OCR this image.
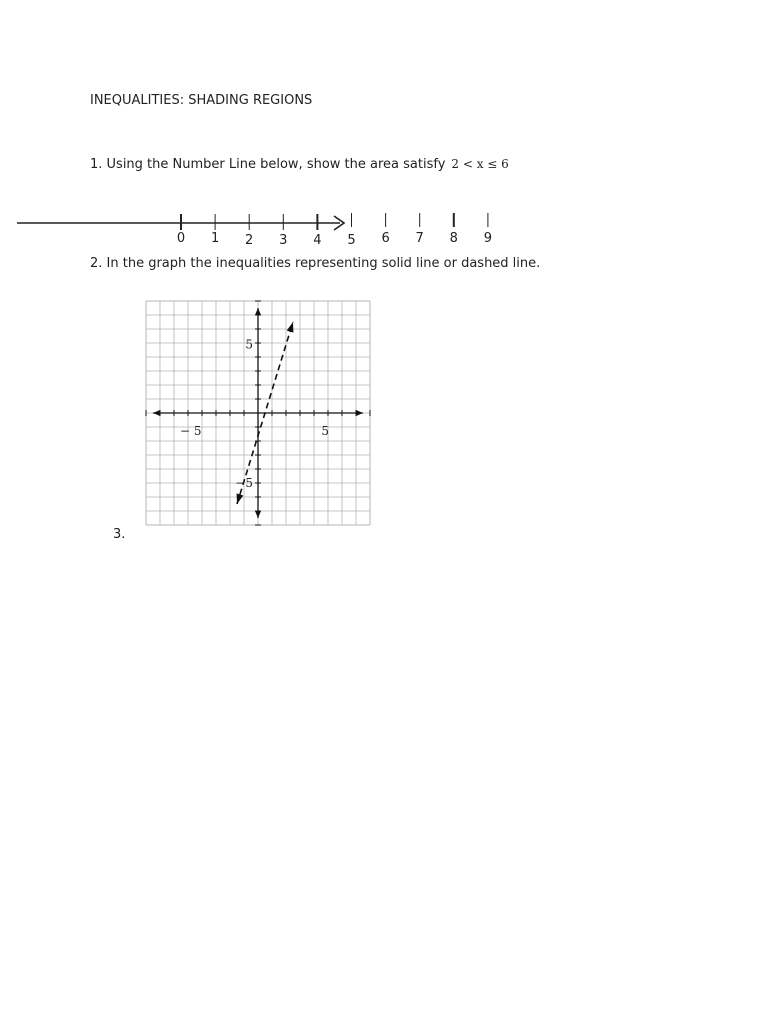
INEQUALITIES: SHADING REGIONS
1. Using the Number Line below, show the area satisfy 2 < x ≤ 6
0 1 2 3 4 5 6 7 8 9
− 5	5
5
−5
2. In the graph the inequalities representing solid line or dashed line.
3.
